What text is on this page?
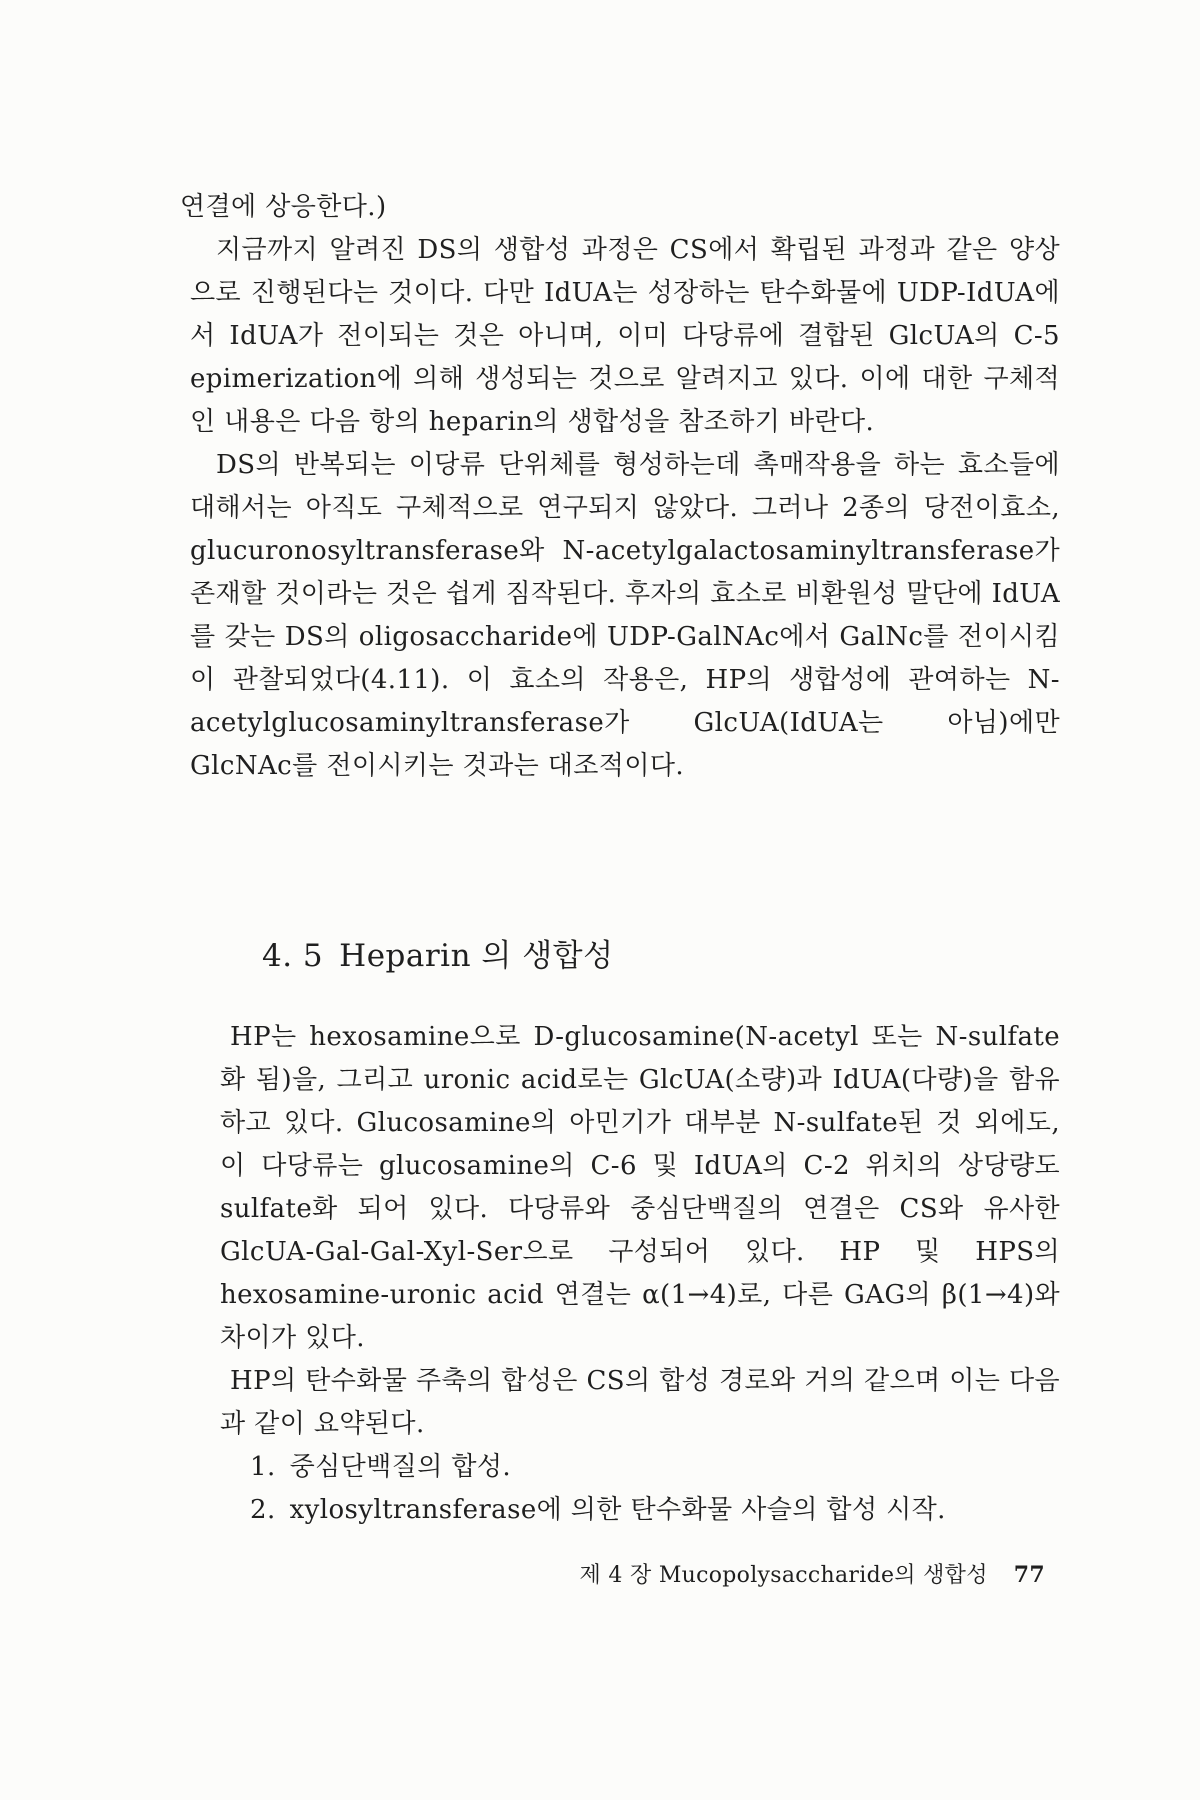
연결에 상응한다.)

지금까지 알려진 DS의 생합성 과정은 CS에서 확립된 과정과 같은 양상으로 진행된다는 것이다. 다만 IdUA는 성장하는 탄수화물에 UDP-IdUA에서 IdUA가 전이되는 것은 아니며, 이미 다당류에 결합된 GlcUA의 C-5 epimerization에 의해 생성되는 것으로 알려지고 있다. 이에 대한 구체적인 내용은 다음 항의 heparin의 생합성을 참조하기 바란다.

DS의 반복되는 이당류 단위체를 형성하는데 촉매작용을 하는 효소들에 대해서는 아직도 구체적으로 연구되지 않았다. 그러나 2종의 당전이효소, glucuronosyltransferase와 N-acetylgalactosaminyltransferase가 존재할 것이라는 것은 쉽게 짐작된다. 후자의 효소로 비환원성 말단에 IdUA를 갖는 DS의 oligosaccharide에 UDP-GalNAc에서 GalNc를 전이시킴이 관찰되었다(4.11). 이 효소의 작용은, HP의 생합성에 관여하는 N-acetylglucosaminyltransferase가 GlcUA(IdUA는 아님)에만 GlcNAc를 전이시키는 것과는 대조적이다.

4. 5 Heparin 의 생합성

HP는 hexosamine으로 D-glucosamine(N-acetyl 또는 N-sulfate화 됨)을, 그리고 uronic acid로는 GlcUA(소량)과 IdUA(다량)을 함유하고 있다. Glucosamine의 아민기가 대부분 N-sulfate된 것 외에도, 이 다당류는 glucosamine의 C-6 및 IdUA의 C-2 위치의 상당량도 sulfate화 되어 있다. 다당류와 중심단백질의 연결은 CS와 유사한 GlcUA-Gal-Gal-Xyl-Ser으로 구성되어 있다. HP 및 HPS의 hexosamine-uronic acid 연결는 α(1→4)로, 다른 GAG의 β(1→4)와 차이가 있다.

HP의 탄수화물 주축의 합성은 CS의 합성 경로와 거의 같으며 이는 다음과 같이 요약된다.

1. 중심단백질의 합성.
2. xylosyltransferase에 의한 탄수화물 사슬의 합성 시작.
제 4 장 Mucopolysaccharide의 생합성 77
